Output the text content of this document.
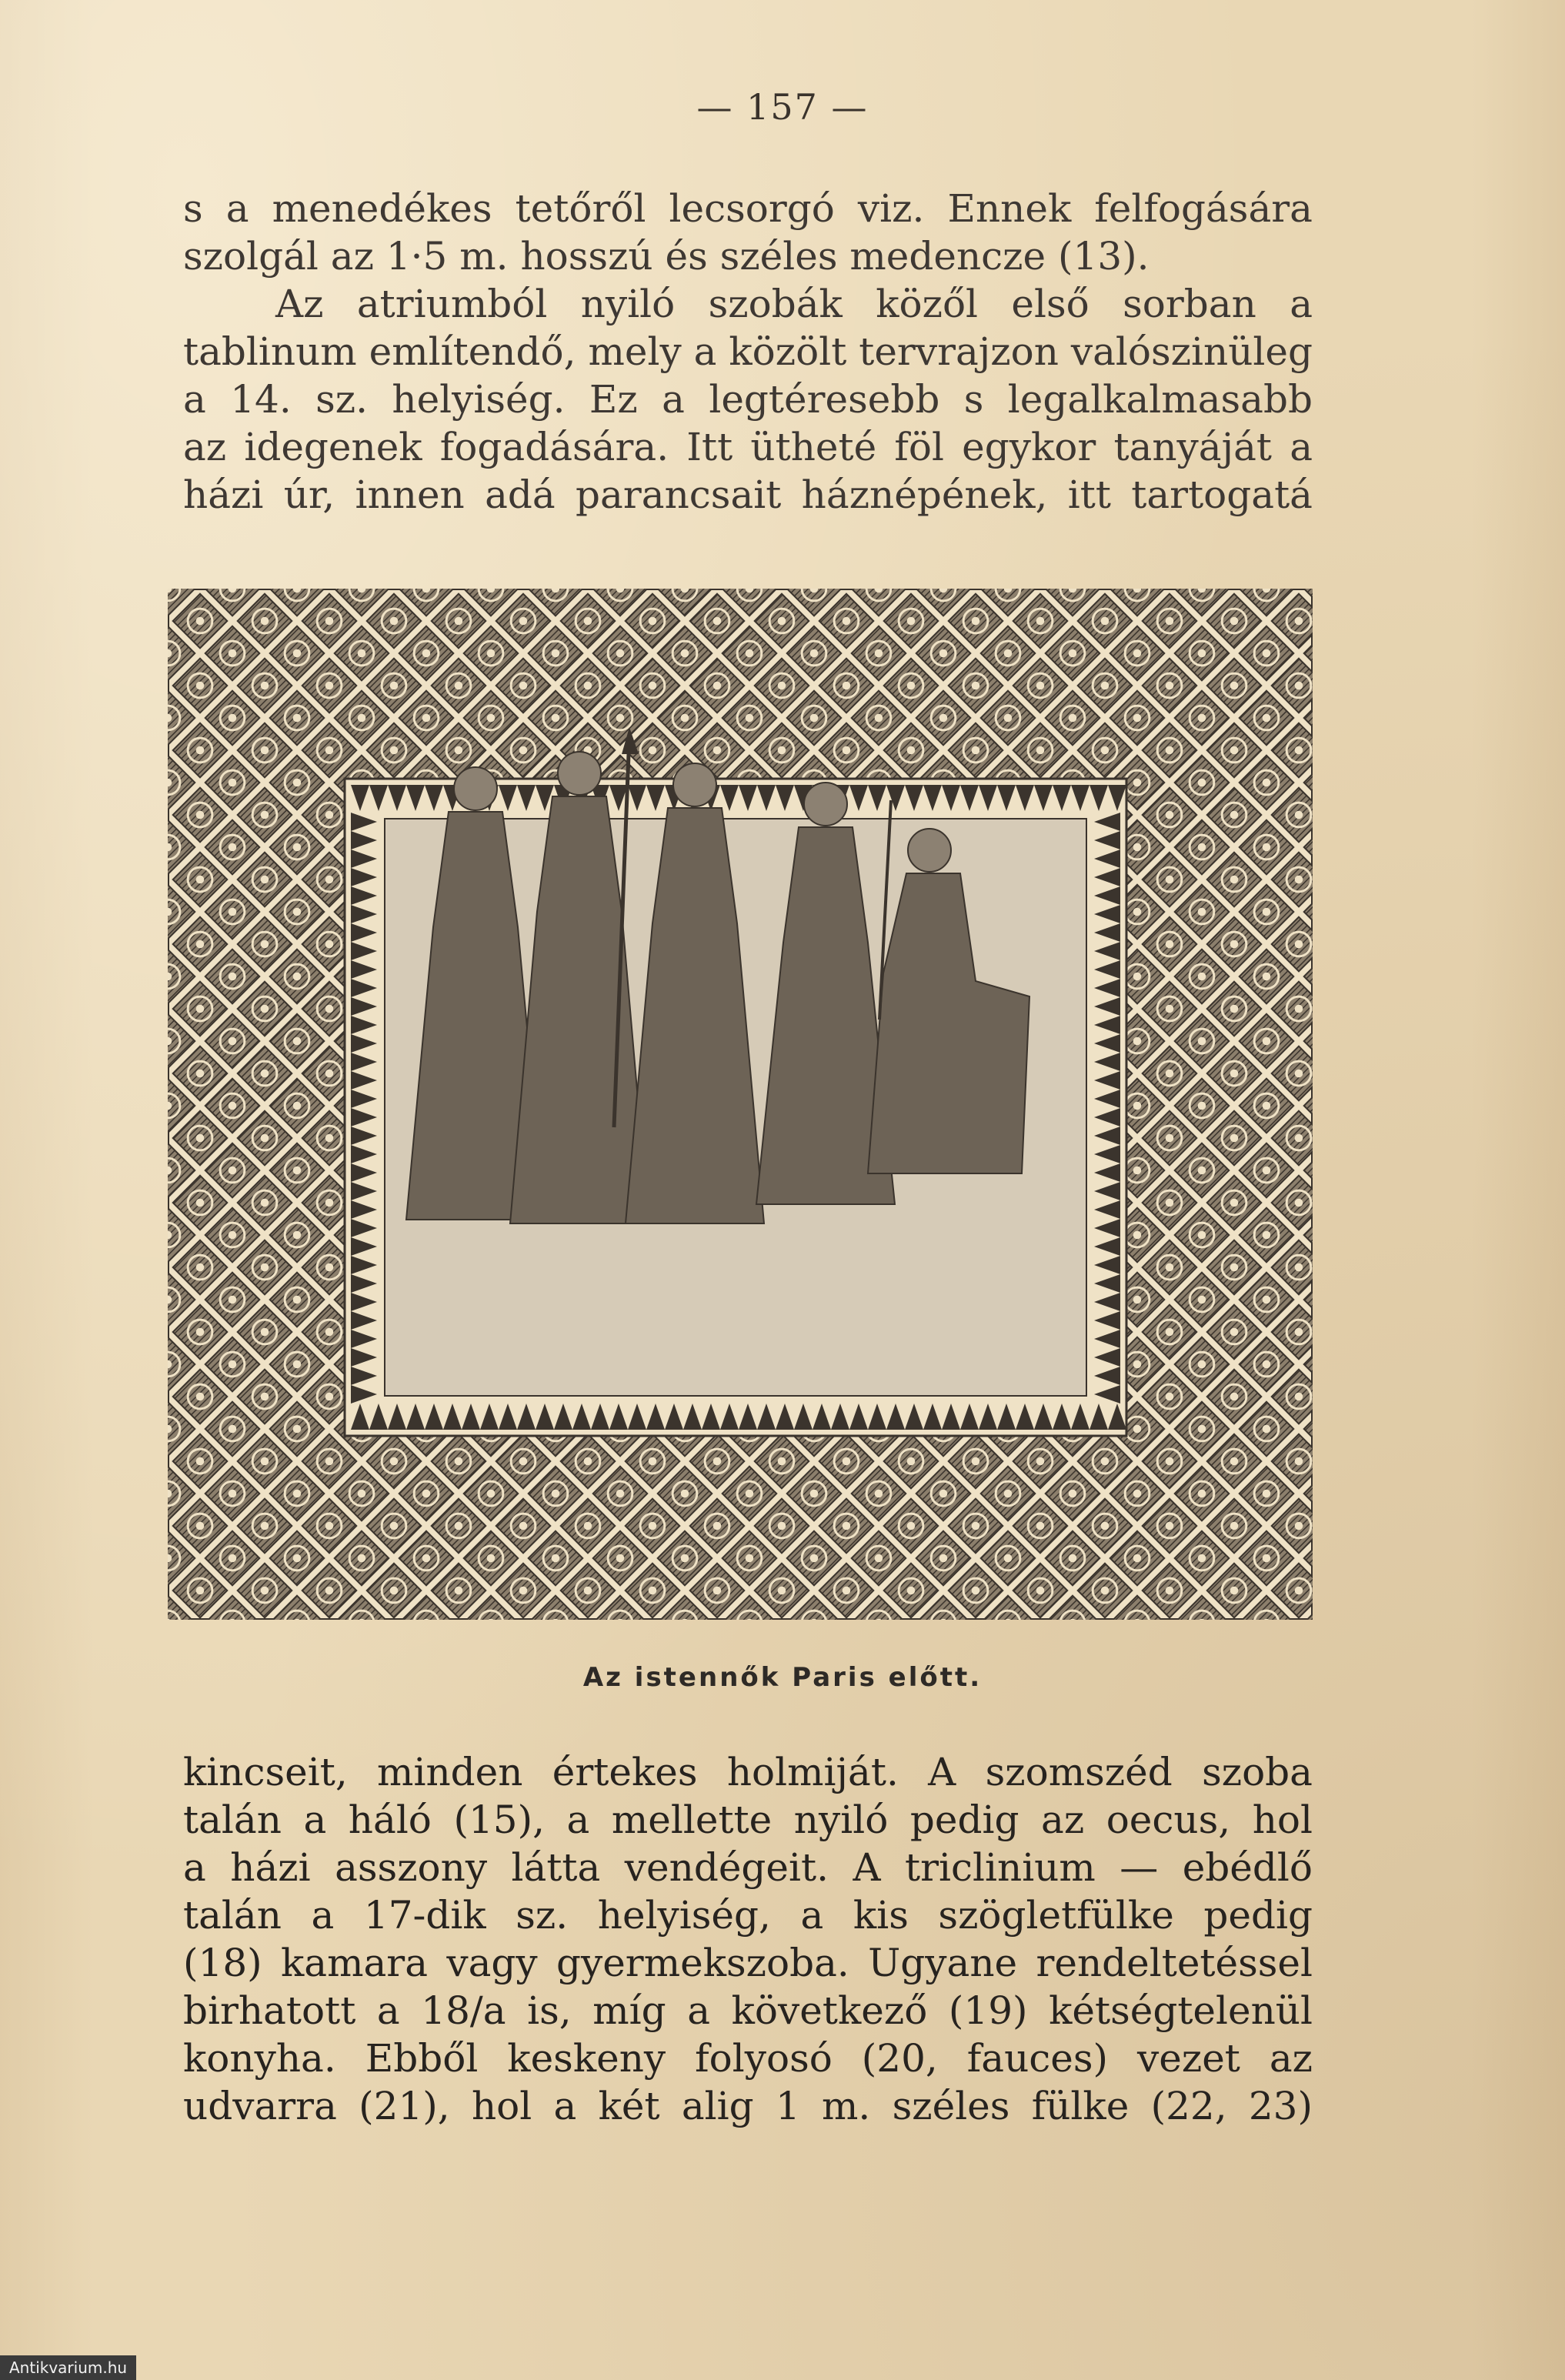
— 157 —
s a menedékes tetőről lecsorgó viz. Ennek felfogására
szolgál az 1·5 m. hosszú és széles medencze (13).
Az atriumból nyiló szobák közől első sorban a
tablinum említendő, mely a közölt tervrajzon valószinüleg
a 14. sz. helyiség. Ez a legtéresebb s legalkalmasabb
az idegenek fogadására. Itt ütheté föl egykor tanyáját a
házi úr, innen adá parancsait háznépének, itt tartogatá
Az istennők Paris előtt.
kincseit, minden értekes holmiját. A szomszéd szoba
talán a háló (15), a mellette nyiló pedig az oecus, hol
a házi asszony látta vendégeit. A triclinium — ebédlő
talán a 17-dik sz. helyiség, a kis szögletfülke pedig
(18) kamara vagy gyermekszoba. Ugyane rendeltetéssel
birhatott a 18/a is, míg a következő (19) kétségtelenül
konyha. Ebből keskeny folyosó (20, fauces) vezet az
udvarra (21), hol a két alig 1 m. széles fülke (22, 23)
Antikvarium.hu
